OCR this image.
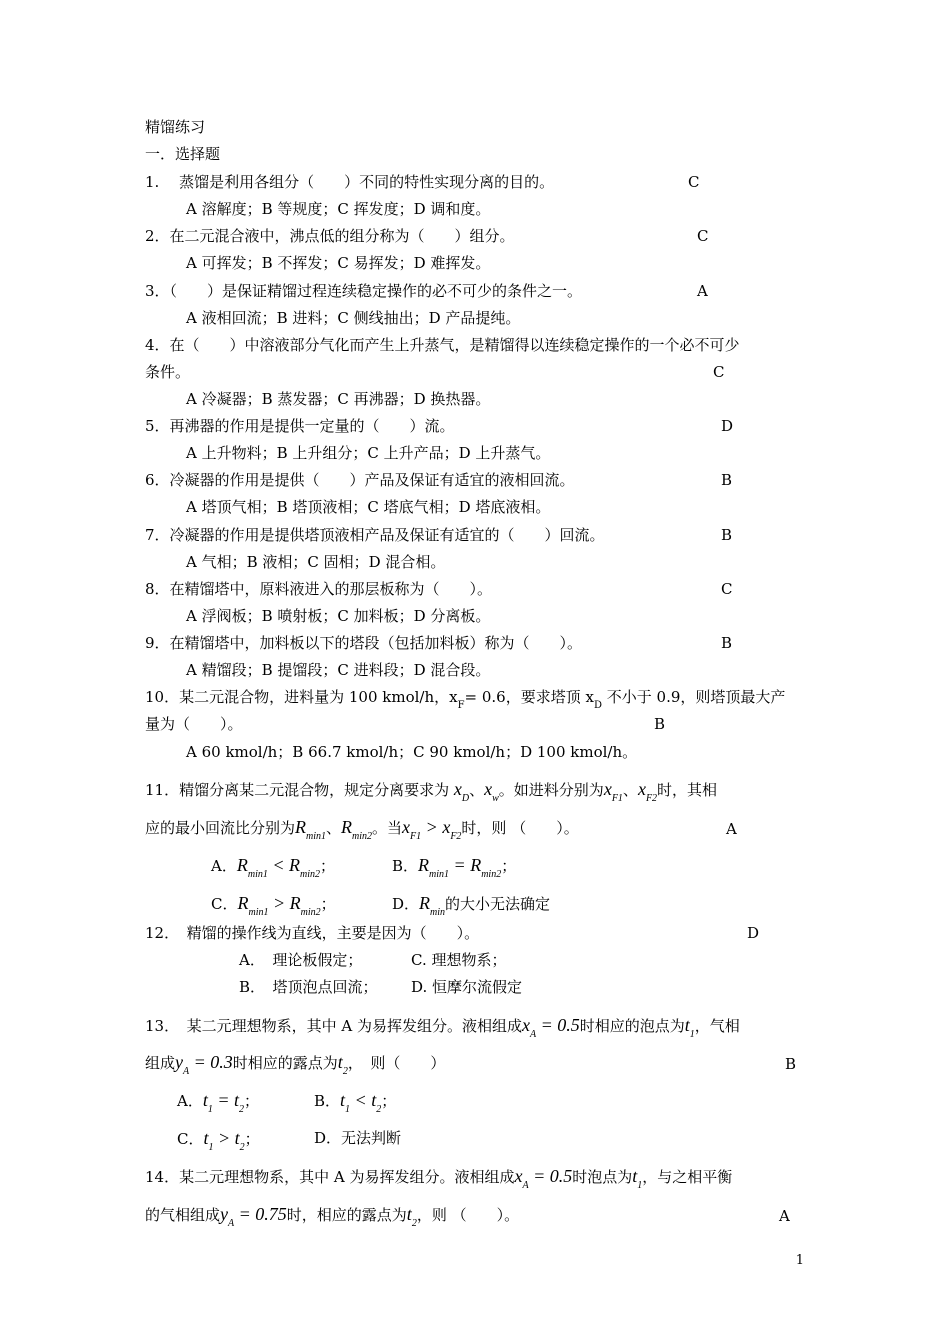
精馏练习
一．选择题
1.　 蒸馏是利用各组分（　　）不同的特性实现分离的目的。	C
A 溶解度；B 等规度；C 挥发度；D 调和度。
2．在二元混合液中，沸点低的组分称为（　　）组分。	C
A 可挥发；B 不挥发；C 易挥发；D 难挥发。
3．（　　）是保证精馏过程连续稳定操作的必不可少的条件之一。	A
A 液相回流；B 进料；C 侧线抽出；D 产品提纯。
4．在（　　）中溶液部分气化而产生上升蒸气，是精馏得以连续稳定操作的一个必不可少
条件。	C
A 冷凝器；B 蒸发器；C 再沸器；D 换热器。
5．再沸器的作用是提供一定量的（　　）流。	D
A 上升物料；B 上升组分；C 上升产品；D 上升蒸气。
6．冷凝器的作用是提供（　　）产品及保证有适宜的液相回流。	B
A 塔顶气相；B 塔顶液相；C 塔底气相；D 塔底液相。
7．冷凝器的作用是提供塔顶液相产品及保证有适宜的（　　）回流。	B
A 气相；B 液相；C 固相；D 混合相。
8．在精馏塔中，原料液进入的那层板称为（　　）。	C
A 浮阀板；B 喷射板；C 加料板；D 分离板。
9．在精馏塔中，加料板以下的塔段（包括加料板）称为（　　）。	B
A 精馏段；B 提馏段；C 进料段；D 混合段。
10．某二元混合物，进料量为 100 kmol/h，$x_F= 0.6$，要求塔顶 $x_D$ 不小于 0.9，则塔顶最大产
量为（　　）。	B
A 60 kmol/h；B 66.7 kmol/h；C 90 kmol/h；D 100 kmol/h。
11．精馏分离某二元混合物，规定分离要求为 $x_D$、$x_w$。如进料分别为$x_{F1}$、$x_{F2}$时，其相
应的最小回流比分别为$R_{min1}$、$R_{min2}$。当$x_{F1} > x_{F2}$时，则 （　　）。	A
A．$R_{min1} < R_{min2}$；	B．$R_{min1} = R_{min2}$；
C．$R_{min1} > R_{min2}$；	D．$R_{min}$的大小无法确定
12．　精馏的操作线为直线，主要是因为（　　）。	D
A．　理论板假定；	C. 理想物系；
B．　塔顶泡点回流； D. 恒摩尔流假定
13．　某二元理想物系，其中 A 为易挥发组分。液相组成$x_A = 0.5$时相应的泡点为$t_1$，气相
组成$y_A = 0.3$时相应的露点为$t_2$，　则（　　）	B
A．$t_1 = t_2$；	B．$t_1 < t_2$；
C．$t_1 > t_2$；	D．无法判断
14．某二元理想物系，其中 A 为易挥发组分。液相组成$x_A = 0.5$时泡点为$t_1$，与之相平衡
的气相组成$y_A = 0.75$时，相应的露点为$t_2$，则 （　　）。	A
1
